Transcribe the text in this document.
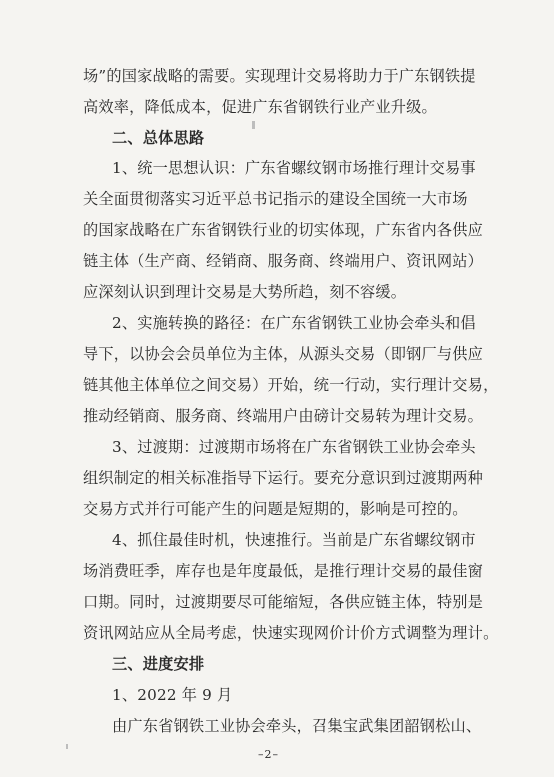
场”的国家战略的需要。实现理计交易将助力于广东钢铁提
高效率，降低成本，促进广东省钢铁行业产业升级。
二、总体思路
1、统一思想认识：广东省螺纹钢市场推行理计交易事
关全面贯彻落实习近平总书记指示的建设全国统一大市场
的国家战略在广东省钢铁行业的切实体现，广东省内各供应
链主体（生产商、经销商、服务商、终端用户、资讯网站）
应深刻认识到理计交易是大势所趋，刻不容缓。
2、实施转换的路径：在广东省钢铁工业协会牵头和倡
导下，以协会会员单位为主体，从源头交易（即钢厂与供应
链其他主体单位之间交易）开始，统一行动，实行理计交易，
推动经销商、服务商、终端用户由磅计交易转为理计交易。
3、过渡期：过渡期市场将在广东省钢铁工业协会牵头
组织制定的相关标准指导下运行。要充分意识到过渡期两种
交易方式并行可能产生的问题是短期的，影响是可控的。
4、抓住最佳时机，快速推行。当前是广东省螺纹钢市
场消费旺季，库存也是年度最低，是推行理计交易的最佳窗
口期。同时，过渡期要尽可能缩短，各供应链主体，特别是
资讯网站应从全局考虑，快速实现网价计价方式调整为理计。
三、进度安排
1、2022 年 9 月
由广东省钢铁工业协会牵头，召集宝武集团韶钢松山、
–2–
